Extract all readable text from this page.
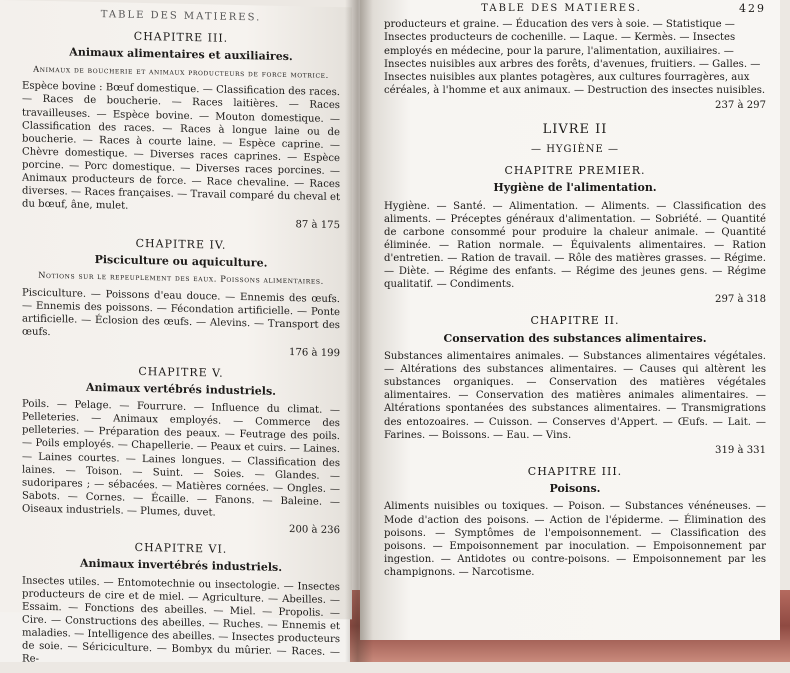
TABLE DES MATIERES.
CHAPITRE III.
Animaux alimentaires et auxiliaires.
Animaux de boucherie et animaux producteurs de force motrice.
Espèce bovine : Bœuf domestique. — Classification des races. — Races de boucherie. — Races laitières. — Races travailleuses. — Espèce bovine. — Mouton domestique. — Classification des races. — Races à longue laine ou de boucherie. — Races à courte laine. — Espèce caprine. — Chèvre domestique. — Diverses races caprines. — Espèce porcine. — Porc domestique. — Diverses races porcines. — Animaux producteurs de force. — Race chevaline. — Races diverses. — Races françaises. — Travail comparé du cheval et du bœuf, âne, mulet.
87 à 175
CHAPITRE IV.
Pisciculture ou aquiculture.
Notions sur le repeuplement des eaux. Poissons alimentaires.
Pisciculture. — Poissons d'eau douce. — Ennemis des œufs. — Ennemis des poissons. — Fécondation artificielle. — Ponte artificielle. — Éclosion des œufs. — Alevins. — Transport des œufs.
176 à 199
CHAPITRE V.
Animaux vertébrés industriels.
Poils. — Pelage. — Fourrure. — Influence du climat. — Pelleteries. — Animaux employés. — Commerce des pelleteries. — Préparation des peaux. — Feutrage des poils. — Poils employés. — Chapellerie. — Peaux et cuirs. — Laines. — Laines courtes. — Laines longues. — Classification des laines. — Toison. — Suint. — Soies. — Glandes. — sudoripares ; — sébacées. — Matières cornées. — Ongles. — Sabots. — Cornes. — Écaille. — Fanons. — Baleine. — Oiseaux industriels. — Plumes, duvet.
200 à 236
CHAPITRE VI.
Animaux invertébrés industriels.
Insectes utiles. — Entomotechnie ou insectologie. — Insectes producteurs de cire et de miel. — Agriculture. — Abeilles. — Essaim. — Fonctions des abeilles. — Miel. — Propolis. — Cire. — Constructions des abeilles. — Ruches. — Ennemis et maladies. — Intelligence des abeilles. — Insectes producteurs de soie. — Sériciculture. — Bombyx du mûrier. — Races. — Re-
TABLE DES MATIERES.	429
producteurs et graine. — Éducation des vers à soie. — Statistique — Insectes producteurs de cochenille. — Laque. — Kermès. — Insectes employés en médecine, pour la parure, l'alimentation, auxiliaires. — Insectes nuisibles aux arbres des forêts, d'avenues, fruitiers. — Galles. — Insectes nuisibles aux plantes potagères, aux cultures fourragères, aux céréales, à l'homme et aux animaux. — Destruction des insectes nuisibles.
237 à 297
LIVRE II
— HYGIÈNE —
CHAPITRE PREMIER.
Hygiène de l'alimentation.
Hygiène. — Santé. — Alimentation. — Aliments. — Classification des aliments. — Préceptes généraux d'alimentation. — Sobriété. — Quantité de carbone consommé pour produire la chaleur animale. — Quantité éliminée. — Ration normale. — Équivalents alimentaires. — Ration d'entretien. — Ration de travail. — Rôle des matières grasses. — Régime. — Diète. — Régime des enfants. — Régime des jeunes gens. — Régime qualitatif. — Condiments.
297 à 318
CHAPITRE II.
Conservation des substances alimentaires.
Substances alimentaires animales. — Substances alimentaires végétales. — Altérations des substances alimentaires. — Causes qui altèrent les substances organiques. — Conservation des matières végétales alimentaires. — Conservation des matières animales alimentaires. — Altérations spontanées des substances alimentaires. — Transmigrations des entozoaires. — Cuisson. — Conserves d'Appert. — Œufs. — Lait. — Farines. — Boissons. — Eau. — Vins.
319 à 331
CHAPITRE III.
Poisons.
Aliments nuisibles ou toxiques. — Poison. — Substances vénéneuses. — Mode d'action des poisons. — Action de l'épiderme. — Élimination des poisons. — Symptômes de l'empoisonnement. — Classification des poisons. — Empoisonnement par inoculation. — Empoisonnement par ingestion. — Antidotes ou contre-poisons. — Empoisonnement par les champignons. — Narcotisme.
